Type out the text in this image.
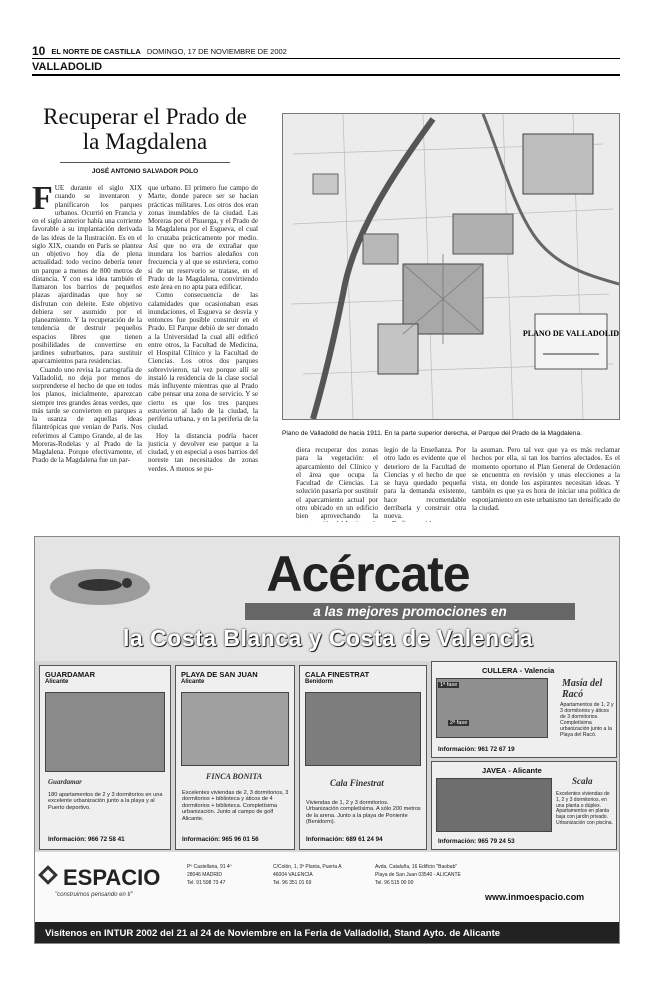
10 EL NORTE DE CASTILLA DOMINGO, 17 DE NOVIEMBRE DE 2002
VALLADOLID
Recuperar el Prado de la Magdalena
JOSÉ ANTONIO SALVADOR POLO
F UE durante el siglo XIX cuando se inventaron y planificaron los parques urbanos. Ocurrió en Francia y en el siglo anterior había una corriente favorable a su implantación derivada de las ideas de la Ilustración. Es en el siglo XIX, cuando en París se plantea un objetivo hoy día de plena actualidad: todo vecino debería tener un parque a menos de 800 metros de distancia. Y con esa idea también el llamaron los barrios de pequeños plazas ajardinadas que hoy se disfrutan con deleite. Este objetivo debiera ser asumido por el planeamiento. Y la recuperación de la tendencia de destruir pequeños espacios libres que tienen posibilidades de convertirse en jardines suburbanos, para sustituir aparcamientos para residencias.

Cuando uno revisa la cartografía de Valladolid, no deja por menos de sorprenderse el hecho de que en todos los planos, inicialmente, aparezcan siempre tres grandes áreas verdes, que más tarde se convierten en parques a la usanza de aquellas ideas filantrópicas que venían de París. Nos referimos al Campo Grande, al de las Moreras-Rodelas y al Prado de la Magdalena. Porque efectivamente, el Prado de la Magdalena fue un par-

que urbano. El primero fue campo de Marte, donde parece ser se hacían prácticas militares. Los otros dos eran zonas inundables de la ciudad. Las Moreras por el Pisuerga, y el Prado de la Magdalena por el Esgueva, el cual lo cruzaba prácticamente por medio. Así que no era de extrañar que inundara los barrios aledaños con frecuencia y al que se estuviera, como si de un reservorio se tratase, en el Prado de la Magdalena, convirtiendo este área en no apta para edificar.

Como consecuencia de las calamidades que ocasionaban esas inundaciones, el Esgueva se desvía y entonces fue posible construir en el Prado. El Parque debió de ser donado a la Universidad la cual allí edificó entre otros, la Facultad de Medicina, el Hospital Clínico y la Facultad de Ciencias. Los otros dos parques sobrevivieron, tal vez porque allí se instaló la residencia de la clase social más influyente mientras que al Prado cabe pensar una zona de servicio. Y se cierto es que los tres parques estuvieron al lado de la ciudad, la periferia urbana, y en la periferia de la ciudad.

Hoy la distancia podría hacer justicia y devolver ese parque a la ciudad, y en especial a esos barrios del noreste tan necesitados de zonas verdes. A menos se pu-

PLANO DE VALLADOLID
Plano de Valladolid de hacia 1911. En la parte superior derecha, el Parque del Prado de la Magdalena.
diera recuperar dos zonas para la vegetación: el aparcamiento del Clínico y el área que ocupa la Facultad de Ciencias. La solución pasaría por sustituir el aparcamiento actual por otro ubicado en un edificio bien aprovechando la

legio de la Enseñanza. Por otro lado es evidente que el deterioro de la Facultad de Ciencias y el hecho de que se haya quedado pequeña para la demanda existente, hace recomendable derribarla y construir otra nueva.

la asuman. Pero tal vez que ya es más reclamar hechos por ella, si tan los barrios afectados. Es el momento oportuno el Plan General de Ordenación se encuentra en revisión y unas elecciones a la vista, en donde los aspirantes necesitan ideas. Y también es que ya es hora de iniciar una política de esponjamiento en este urbanismo tan densificado de la ciudad.
Acércate
a las mejores promociones en
la Costa Blanca y Costa de Valencia
GUARDAMAR
Alicante
Guardamar
180 apartamentos de 2 y 3 dormitorios en una excelente urbanización junto a la playa y al Puerto deportivo.
Información: 966 72 58 41
PLAYA DE SAN JUAN
Alicante
FINCA BONITA
Excelentes viviendas de 2, 3 dormitorios, 3 dormitorios + biblioteca y áticos de 4 dormitorios + biblioteca. Completísima urbanización. Junto al campo de golf Alicante.
Información: 965 96 01 56
CALA FINESTRAT
Benidorm
Cala Finestrat
Viviendas de 1, 2 y 3 dormitorios. Urbanización completísima. A sólo 200 metros de la arena. Junto a la playa de Poniente (Benidorm).
Información: 689 61 24 94
CULLERA - Valencia
1ª fase
2ª fase
Masía del Racó
Apartamentos de 1, 2 y 3 dormitorios y áticos de 3 dormitorios. Completísima urbanización junto a la Playa del Racó.
Información: 961 72 67 19
JAVEA - Alicante
Scala
Excelentes viviendas de 1, 2 y 3 dormitorios, en una planta o dúplex. Apartamentos en planta baja con jardín privado. Urbanización con piscina.
Información: 965 79 24 53
ESPACIO
"construimos pensando en ti"
Pº Castellana, 91 4º
28046 MADRID
Tel. 91 598 73 47
C/Colón, 1, 3ª Planta, Puerta A
46004 VALENCIA
Tel. 96 351 01 69
Avda. Cataluña, 16 Edificio "Baobab"
Playa de San Juan 03540 - ALICANTE
Tel. 96 515 00 00
www.inmoespacio.com
Visítenos en INTUR 2002 del 21 al 24 de Noviembre en la Feria de Valladolid, Stand Ayto. de Alicante
